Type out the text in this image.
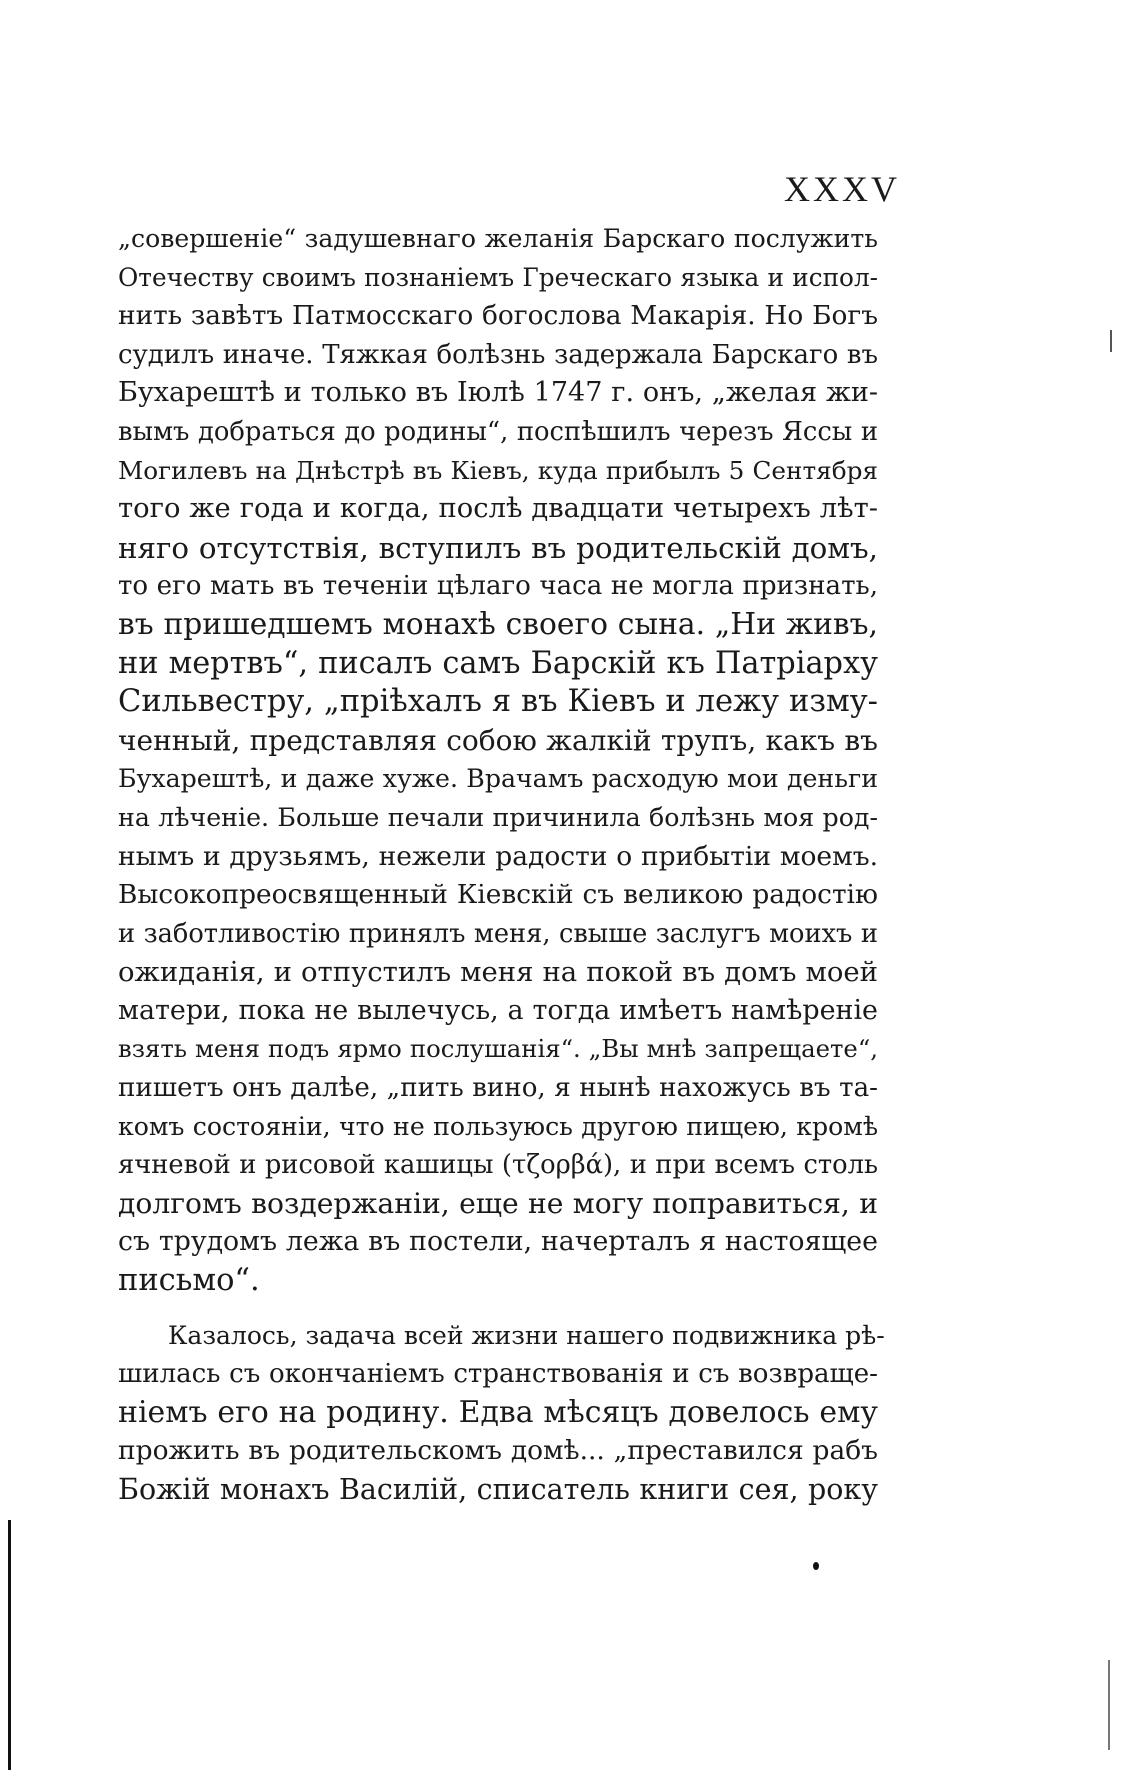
XXXV
„совершеніе“ задушевнаго желанія Барскаго послужить
Отечеству своимъ познаніемъ Греческаго языка и испол-
нить завѣтъ Патмосскаго богослова Макарія. Но Богъ
судилъ иначе. Тяжкая болѣзнь задержала Барскаго въ
Бухарештѣ и только въ Іюлѣ 1747 г. онъ, „желая жи-
вымъ добраться до родины“, поспѣшилъ черезъ Яссы и
Могилевъ на Днѣстрѣ въ Кіевъ, куда прибылъ 5 Сентября
того же года и когда, послѣ двадцати четырехъ лѣт-
няго отсутствія, вступилъ въ родительскій домъ,
то его мать въ теченіи цѣлаго часа не могла признать,
въ пришедшемъ монахѣ своего сына. „Ни живъ,
ни мертвъ“, писалъ самъ Барскій къ Патріарху
Сильвестру, „пріѣхалъ я въ Кіевъ и лежу изму-
ченный, представляя собою жалкій трупъ, какъ въ
Бухарештѣ, и даже хуже. Врачамъ расходую мои деньги
на лѣченіе. Больше печали причинила болѣзнь моя род-
нымъ и друзьямъ, нежели радости о прибытіи моемъ.
Высокопреосвященный Кіевскій съ великою радостію
и заботливостію принялъ меня, свыше заслугъ моихъ и
ожиданія, и отпустилъ меня на покой въ домъ моей
матери, пока не вылечусь, а тогда имѣетъ намѣреніе
взять меня подъ ярмо послушанія“. „Вы мнѣ запрещаете“,
пишетъ онъ далѣе, „пить вино, я нынѣ нахожусь въ та-
комъ состояніи, что не пользуюсь другою пищею, кромѣ
ячневой и рисовой кашицы (τζορβά), и при всемъ столь
долгомъ воздержаніи, еще не могу поправиться, и
съ трудомъ лежа въ постели, начерталъ я настоящее
письмо“.
Казалось, задача всей жизни нашего подвижника рѣ-
шилась съ окончаніемъ странствованія и съ возвраще-
ніемъ его на родину. Едва мѣсяцъ довелось ему
прожить въ родительскомъ домѣ... „преставился рабъ
Божій монахъ Василій, списатель книги сея, року
